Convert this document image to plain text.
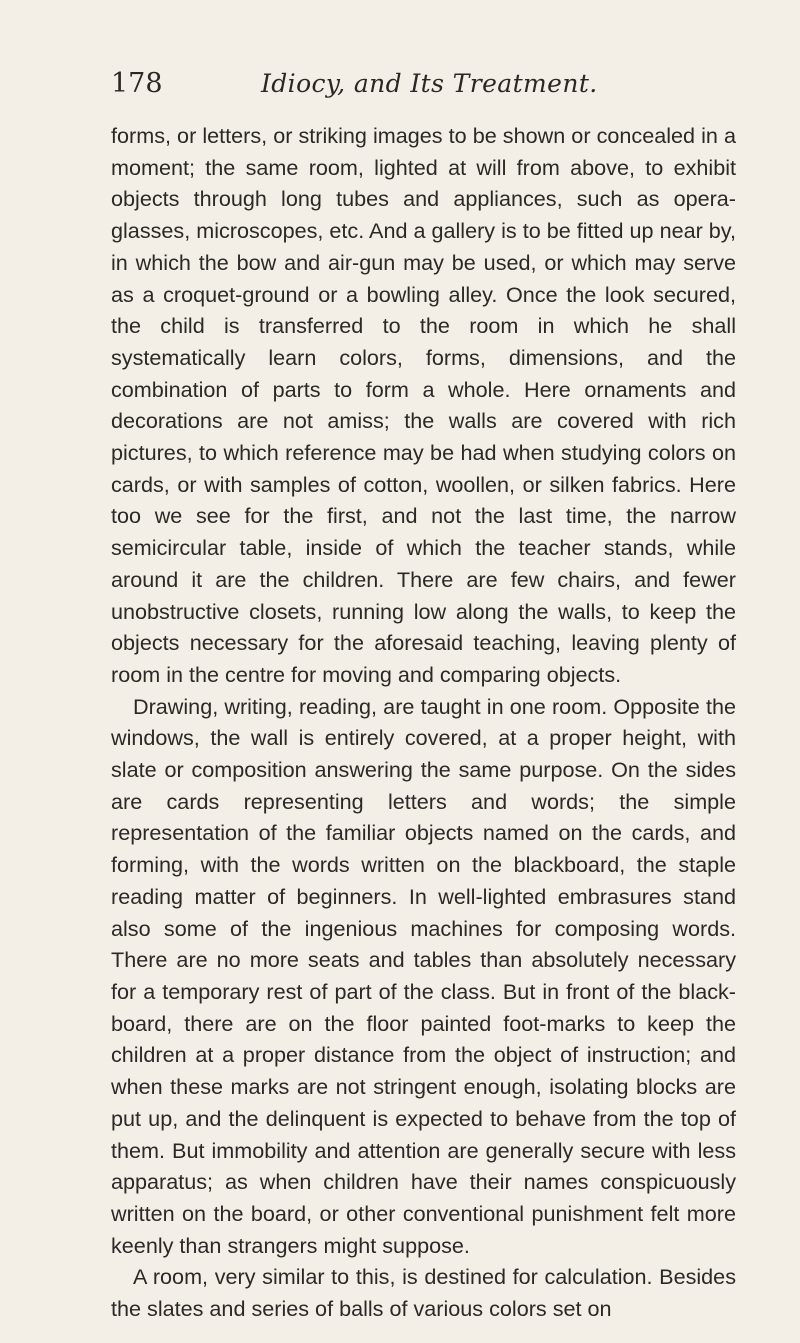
178	Idiocy, and Its Treatment.

forms, or letters, or striking images to be shown or concealed in a moment; the same room, lighted at will from above, to exhibit objects through long tubes and appliances, such as opera-glasses, microscopes, etc. And a gallery is to be fitted up near by, in which the bow and air-gun may be used, or which may serve as a croquet-ground or a bowling alley. Once the look secured, the child is transferred to the room in which he shall systematically learn colors, forms, dimensions, and the combination of parts to form a whole. Here ornaments and decorations are not amiss; the walls are covered with rich pictures, to which reference may be had when studying colors on cards, or with samples of cotton, woollen, or silken fabrics. Here too we see for the first, and not the last time, the narrow semicircular table, inside of which the teacher stands, while around it are the children. There are few chairs, and fewer unobstructive closets, running low along the walls, to keep the objects necessary for the aforesaid teaching, leaving plenty of room in the centre for moving and comparing objects.

Drawing, writing, reading, are taught in one room. Opposite the windows, the wall is entirely covered, at a proper height, with slate or composition answering the same purpose. On the sides are cards representing letters and words; the simple representation of the familiar objects named on the cards, and forming, with the words written on the blackboard, the staple reading matter of beginners. In well-lighted embrasures stand also some of the ingenious machines for composing words. There are no more seats and tables than absolutely necessary for a temporary rest of part of the class. But in front of the black-board, there are on the floor painted foot-marks to keep the children at a proper distance from the object of instruction; and when these marks are not stringent enough, isolating blocks are put up, and the delinquent is expected to behave from the top of them. But immobility and attention are generally secure with less apparatus; as when children have their names conspicuously written on the board, or other conventional punishment felt more keenly than strangers might suppose.

A room, very similar to this, is destined for calculation. Besides the slates and series of balls of various colors set on
